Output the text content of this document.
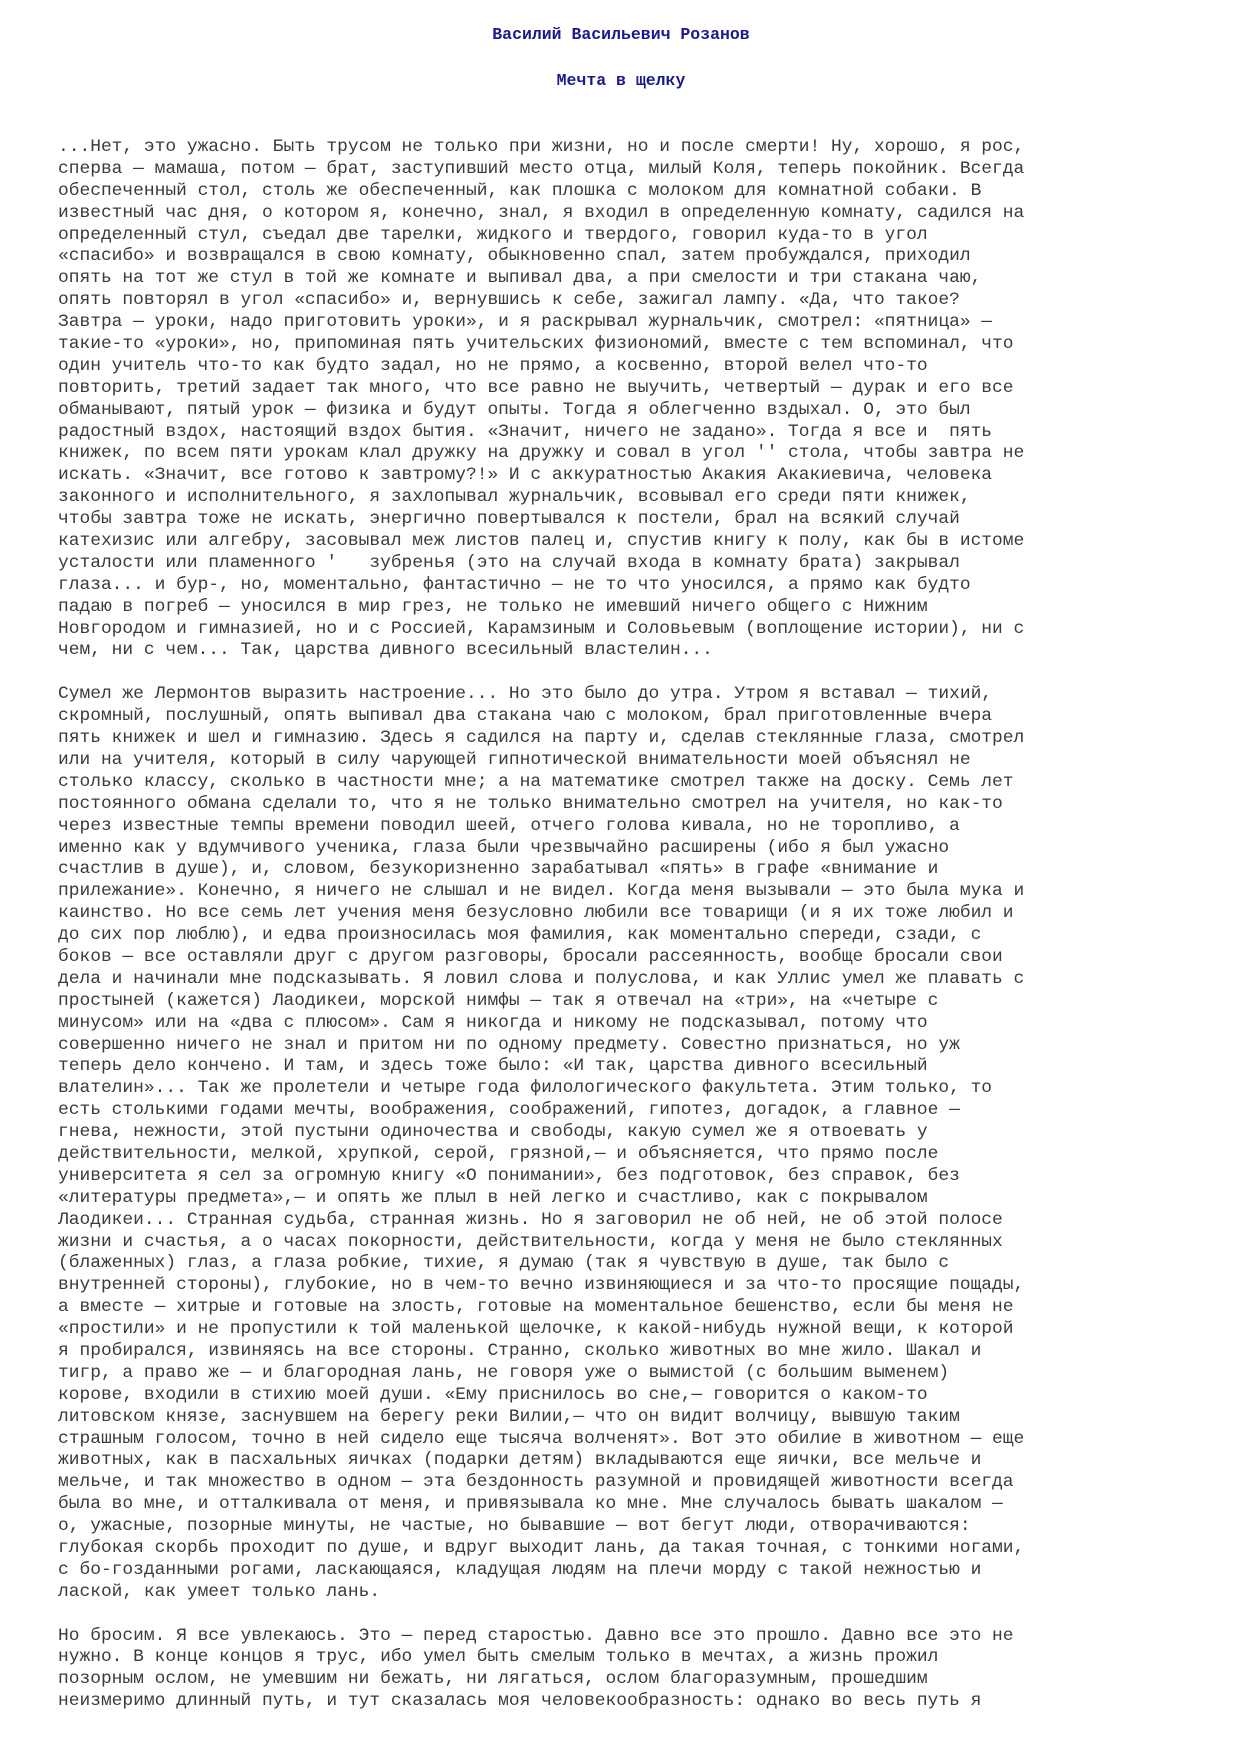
Василий Васильевич Розанов
Мечта в щелку
...Нет, это ужасно. Быть трусом не только при жизни, но и после смерти! Ну, хорошо, я рос,
сперва — мамаша, потом — брат, заступивший место отца, милый Коля, теперь покойник. Всегда
обеспеченный стол, столь же обеспеченный, как плошка с молоком для комнатной собаки. В
известный час дня, о котором я, конечно, знал, я входил в определенную комнату, садился на
определенный стул, съедал две тарелки, жидкого и твердого, говорил куда-то в угол
«спасибо» и возвращался в свою комнату, обыкновенно спал, затем пробуждался, приходил
опять на тот же стул в той же комнате и выпивал два, а при смелости и три стакана чаю,
опять повторял в угол «спасибо» и, вернувшись к себе, зажигал лампу. «Да, что такое?
Завтра — уроки, надо приготовить уроки», и я раскрывал журнальчик, смотрел: «пятница» —
такие-то «уроки», но, припоминая пять учительских физиономий, вместе с тем вспоминал, что
один учитель что-то как будто задал, но не прямо, а косвенно, второй велел что-то
повторить, третий задает так много, что все равно не выучить, четвертый — дурак и его все
обманывают, пятый урок — физика и будут опыты. Тогда я облегченно вздыхал. О, это был
радостный вздох, настоящий вздох бытия. «Значит, ничего не задано». Тогда я все и  пять
книжек, по всем пяти урокам клал дружку на дружку и совал в угол '' стола, чтобы завтра не
искать. «Значит, все готово к завтрому?!» И с аккуратностью Акакия Акакиевича, человека
законного и исполнительного, я захлопывал журнальчик, всовывал его среди пяти книжек,
чтобы завтра тоже не искать, энергично повертывался к постели, брал на всякий случай
катехизис или алгебру, засовывал меж листов палец и, спустив книгу к полу, как бы в истоме
усталости или пламенного '   зубренья (это на случай входа в комнату брата) закрывал
глаза... и бур-, но, моментально, фантастично — не то что уносился, а прямо как будто
падаю в погреб — уносился в мир грез, не только не имевший ничего общего с Нижним
Новгородом и гимназией, но и с Россией, Карамзиным и Соловьевым (воплощение истории), ни с
чем, ни с чем... Так, царства дивного всесильный властелин...
Сумел же Лермонтов выразить настроение... Но это было до утра. Утром я вставал — тихий,
скромный, послушный, опять выпивал два стакана чаю с молоком, брал приготовленные вчера
пять книжек и шел и гимназию. Здесь я садился на парту и, сделав стеклянные глаза, смотрел
или на учителя, который в силу чарующей гипнотической внимательности моей объяснял не
столько классу, сколько в частности мне; а на математике смотрел также на доску. Семь лет
постоянного обмана сделали то, что я не только внимательно смотрел на учителя, но как-то
через известные темпы времени поводил шеей, отчего голова кивала, но не торопливо, а
именно как у вдумчивого ученика, глаза были чрезвычайно расширены (ибо я был ужасно
счастлив в душе), и, словом, безукоризненно зарабатывал «пять» в графе «внимание и
прилежание». Конечно, я ничего не слышал и не видел. Когда меня вызывали — это была мука и
каинство. Но все семь лет учения меня безусловно любили все товарищи (и я их тоже любил и
до сих пор люблю), и едва произносилась моя фамилия, как моментально спереди, сзади, с
боков — все оставляли друг с другом разговоры, бросали рассеянность, вообще бросали свои
дела и начинали мне подсказывать. Я ловил слова и полуслова, и как Уллис умел же плавать с
простыней (кажется) Лаодикеи, морской нимфы — так я отвечал на «три», на «четыре с
минусом» или на «два с плюсом». Сам я никогда и никому не подсказывал, потому что
совершенно ничего не знал и притом ни по одному предмету. Совестно признаться, но уж
теперь дело кончено. И там, и здесь тоже было: «И так, царства дивного всесильный
влателин»... Так же пролетели и четыре года филологического факультета. Этим только, то
есть столькими годами мечты, воображения, соображений, гипотез, догадок, а главное —
гнева, нежности, этой пустыни одиночества и свободы, какую сумел же я отвоевать у
действительности, мелкой, хрупкой, серой, грязной,— и объясняется, что прямо после
университета я сел за огромную книгу «О понимании», без подготовок, без справок, без
«литературы предмета»,— и опять же плыл в ней легко и счастливо, как с покрывалом
Лаодикеи... Странная судьба, странная жизнь. Но я заговорил не об ней, не об этой полосе
жизни и счастья, а о часах покорности, действительности, когда у меня не было стеклянных
(блаженных) глаз, а глаза робкие, тихие, я думаю (так я чувствую в душе, так было с
внутренней стороны), глубокие, но в чем-то вечно извиняющиеся и за что-то просящие пощады,
а вместе — хитрые и готовые на злость, готовые на моментальное бешенство, если бы меня не
«простили» и не пропустили к той маленькой щелочке, к какой-нибудь нужной вещи, к которой
я пробирался, извиняясь на все стороны. Странно, сколько животных во мне жило. Шакал и
тигр, а право же — и благородная лань, не говоря уже о вымистой (с большим выменем)
корове, входили в стихию моей души. «Ему приснилось во сне,— говорится о каком-то
литовском князе, заснувшем на берегу реки Вилии,— что он видит волчицу, вывшую таким
страшным голосом, точно в ней сидело еще тысяча волченят». Вот это обилие в животном — еще
животных, как в пасхальных яичках (подарки детям) вкладываются еще яички, все мельче и
мельче, и так множество в одном — эта бездонность разумной и провидящей животности всегда
была во мне, и отталкивала от меня, и привязывала ко мне. Мне случалось бывать шакалом —
о, ужасные, позорные минуты, не частые, но бывавшие — вот бегут люди, отворачиваются:
глубокая скорбь проходит по душе, и вдруг выходит лань, да такая точная, с тонкими ногами,
с бо-гозданными рогами, ласкающаяся, кладущая людям на плечи морду с такой нежностью и
лаской, как умеет только лань.
Но бросим. Я все увлекаюсь. Это — перед старостью. Давно все это прошло. Давно все это не
нужно. В конце концов я трус, ибо умел быть смелым только в мечтах, а жизнь прожил
позорным ослом, не умевшим ни бежать, ни лягаться, ослом благоразумным, прошедшим
неизмеримо длинный путь, и тут сказалась моя человекообразность: однако во весь путь я
